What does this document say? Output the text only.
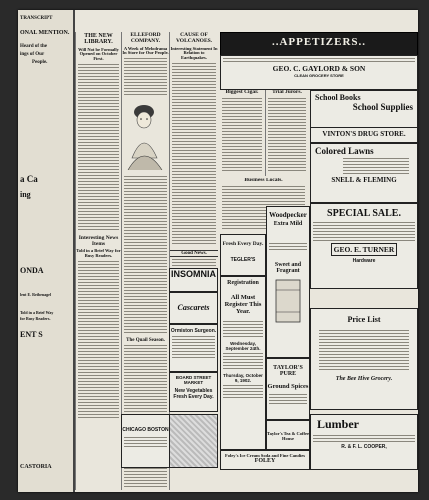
TRANSCRIPT
ONAL MENTION.
Heard of the
ings of Our
People.
a Ca
ing
ONDA
lent E. Reibenagel
Told in a Brief Way
for Busy Readers.
ENT S
CASTORIA
THE NEW LIBRARY.
Will Not be Formally Opened on October First.
Interesting News Items
Told in a Brief Way for Busy Readers.
ELLEFORD COMPANY.
A Week of Melodrama In Store for Our People.
The Quail Season.
CAUSE OF VOLCANOES.
Interesting Statement In Relation to Earthquakes.
Good News.
INSOMNIA
Cascarets
Ormiston Surgeon.
BOARD STREET MARKET
New Vegetables Fresh Every Day.
CHICAGO BOSTON
..APPETIZERS..
GEO. C. GAYLORD & SON
CLEAN GROCERY STORE
Biggest Cigar.	Trial Jurors.
School Books
School Supplies
VINTON'S DRUG STORE.
Colored Lawns
SNELL & FLEMING
Business Locals.
Fresh Every Day.
TEGLER'S
Registration
All Must Register This Year.
Wednesday, September 24th.
Thursday, October 9, 1902.
Woodpecker
Extra Mild
Sweet and Fragrant
TAYLOR'S PURE
Ground Spices
SPECIAL SALE.
GEO. E. TURNER
Hardware
Price List
The Bee Hive Grocery.
Lumber
R. & F. L. COOPER,
Foley's Ice Cream Soda and Fine Candies
FOLEY
Taylor's Tea & Coffee House
